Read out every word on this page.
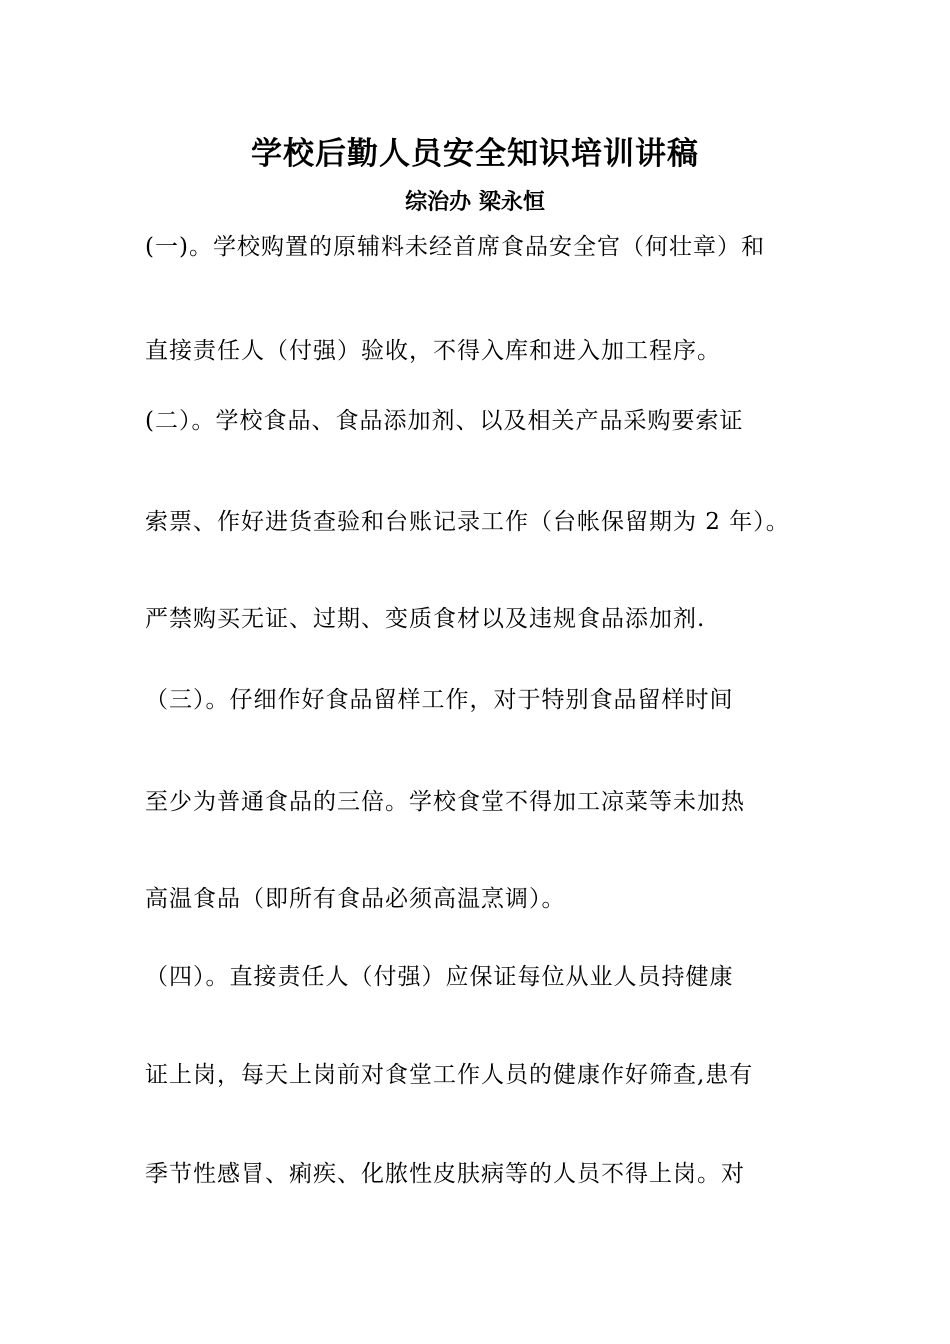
学校后勤人员安全知识培训讲稿
综治办 梁永恒
(一)。学校购置的原辅料未经首席食品安全官（何壮章）和
直接责任人（付强）验收，不得入库和进入加工程序。
(二）。学校食品、食品添加剂、以及相关产品采购要索证
索票、作好进货查验和台账记录工作（台帐保留期为 2 年）。
严禁购买无证、过期、变质食材以及违规食品添加剂.
（三）。仔细作好食品留样工作，对于特别食品留样时间
至少为普通食品的三倍。学校食堂不得加工凉菜等未加热
高温食品（即所有食品必须高温烹调）。
（四）。直接责任人（付强）应保证每位从业人员持健康
证上岗，每天上岗前对食堂工作人员的健康作好筛查,患有
季节性感冒、痢疾、化脓性皮肤病等的人员不得上岗。对
